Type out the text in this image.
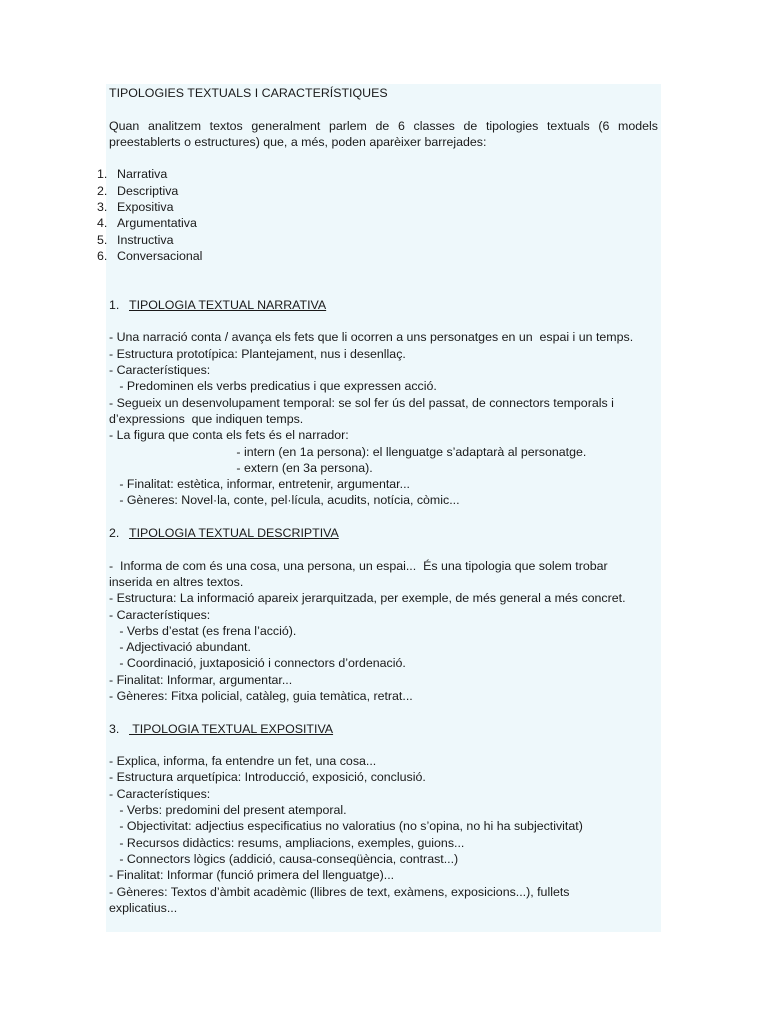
TIPOLOGIES TEXTUALS I CARACTERÍSTIQUES
Quan analitzem textos generalment parlem de 6 classes de tipologies textuals (6 models preestablerts o estructures) que, a més, poden aparèixer barrejades:
1. Narrativa
2. Descriptiva
3. Expositiva
4. Argumentativa
5. Instructiva
6. Conversacional
1. TIPOLOGIA TEXTUAL NARRATIVA
- Una narració conta / avança els fets que li ocorren a uns personatges en un  espai i un temps.
- Estructura prototípica: Plantejament, nus i desenllaç.
- Característiques:
- Predominen els verbs predicatius i que expressen acció.
- Segueix un desenvolupament temporal: se sol fer ús del passat, de connectors temporals i
d’expressions  que indiquen temps.
- La figura que conta els fets és el narrador:
- intern (en 1a persona): el llenguatge s’adaptarà al personatge.
- extern (en 3a persona).
- Finalitat: estètica, informar, entretenir, argumentar...
- Gèneres: Novel·la, conte, pel·lícula, acudits, notícia, còmic...
2. TIPOLOGIA TEXTUAL DESCRIPTIVA
-  Informa de com és una cosa, una persona, un espai...  És una tipologia que solem trobar
inserida en altres textos.
- Estructura: La informació apareix jerarquitzada, per exemple, de més general a més concret.
- Característiques:
- Verbs d’estat (es frena l’acció).
- Adjectivació abundant.
- Coordinació, juxtaposició i connectors d’ordenació.
- Finalitat: Informar, argumentar...
- Gèneres: Fitxa policial, catàleg, guia temàtica, retrat...
3. TIPOLOGIA TEXTUAL EXPOSITIVA
- Explica, informa, fa entendre un fet, una cosa...
- Estructura arquetípica: Introducció, exposició, conclusió.
- Característiques:
- Verbs: predomini del present atemporal.
- Objectivitat: adjectius especificatius no valoratius (no s’opina, no hi ha subjectivitat)
- Recursos didàctics: resums, ampliacions, exemples, guions...
- Connectors lògics (addició, causa-conseqüència, contrast...)
- Finalitat: Informar (funció primera del llenguatge)...
- Gèneres: Textos d’àmbit acadèmic (llibres de text, exàmens, exposicions...), fullets
explicatius...
